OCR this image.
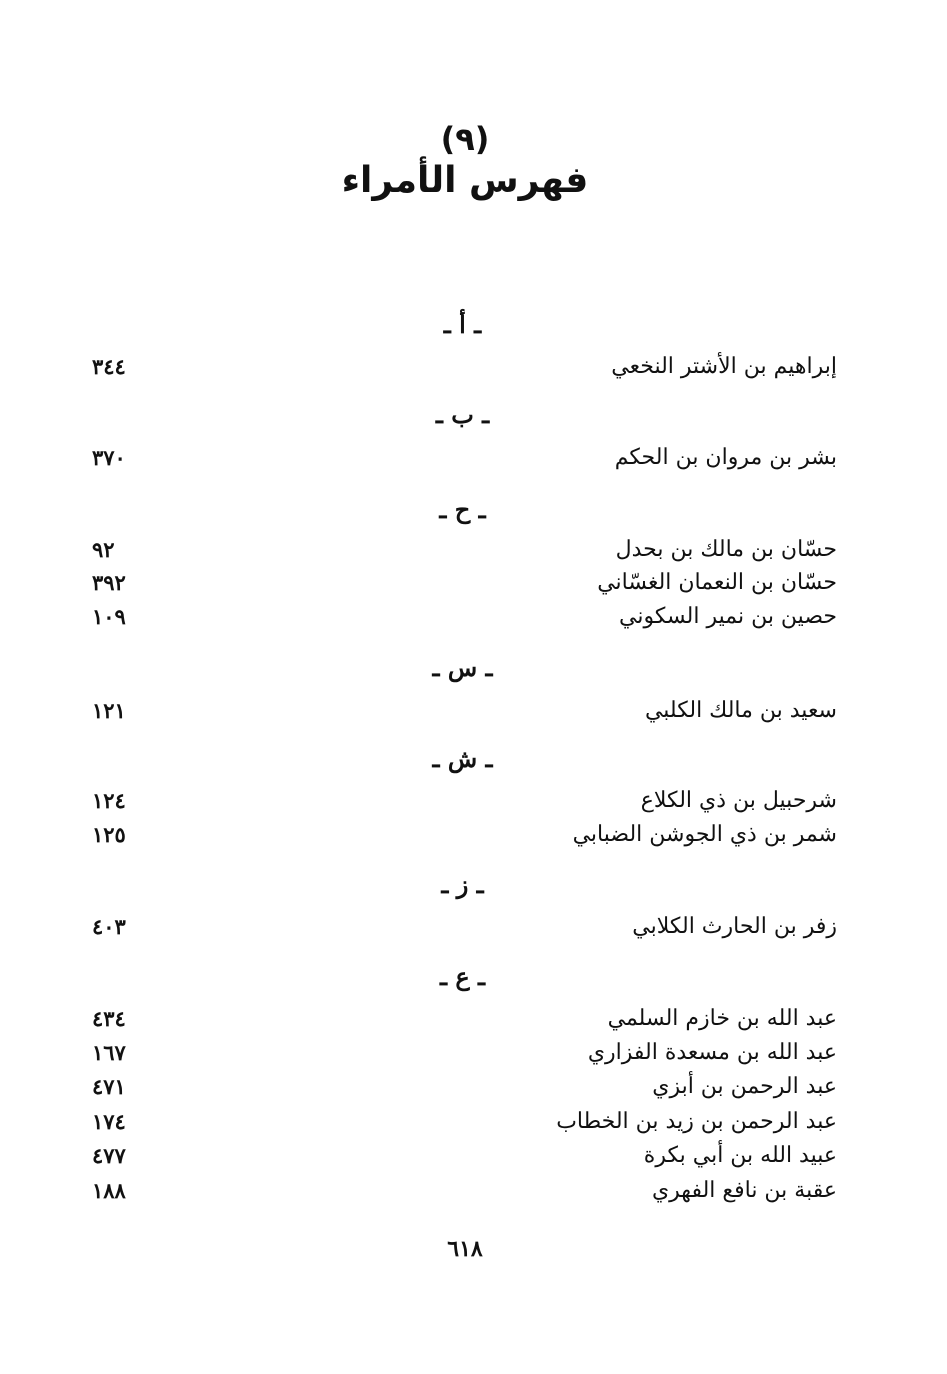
(٩)
فهرس الأمراء
ـ أ ـ
إبراهيم بن الأشتر النخعي
٣٤٤
ـ ب ـ
بشر بن مروان بن الحكم
٣٧٠
ـ ح ـ
حسّان بن مالك بن بحدل
٩٢
حسّان بن النعمان الغسّاني
٣٩٢
حصين بن نمير السكوني
١٠٩
ـ س ـ
سعيد بن مالك الكلبي
١٢١
ـ ش ـ
شرحبيل بن ذي الكلاع
١٢٤
شمر بن ذي الجوشن الضبابي
١٢٥
ـ ز ـ
زفر بن الحارث الكلابي
٤٠٣
ـ ع ـ
عبد الله بن خازم السلمي
٤٣٤
عبد الله بن مسعدة الفزاري
١٦٧
عبد الرحمن بن أبزي
٤٧١
عبد الرحمن بن زيد بن الخطاب
١٧٤
عبيد الله بن أبي بكرة
٤٧٧
عقبة بن نافع الفهري
١٨٨
٦١٨
